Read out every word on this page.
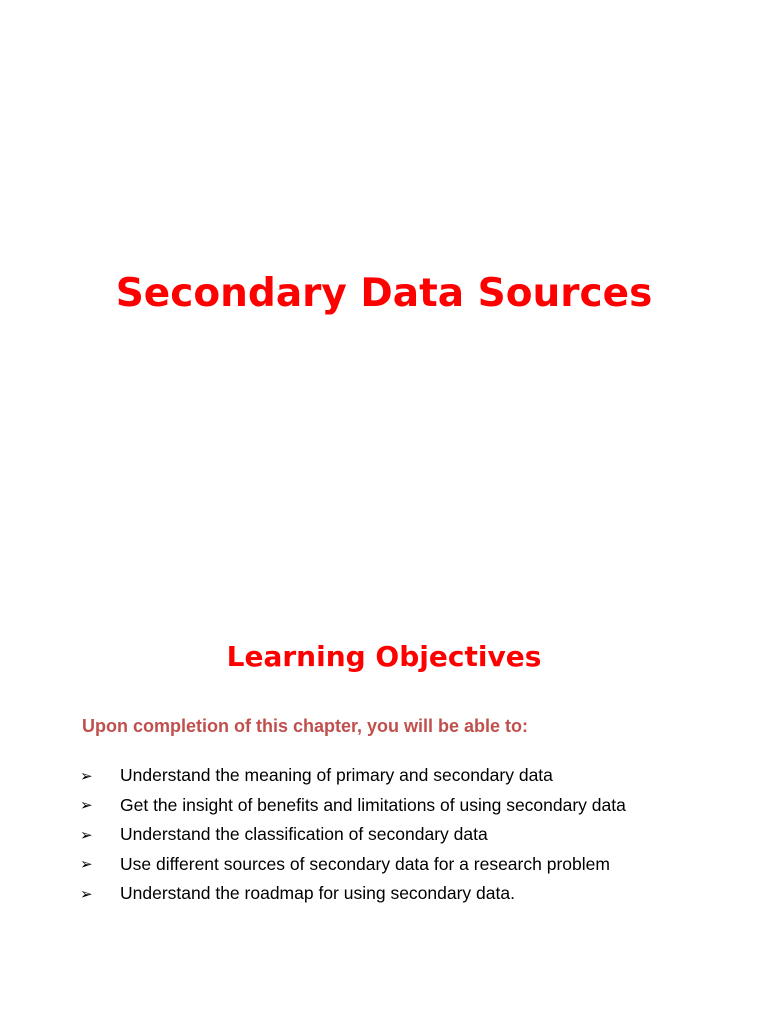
Secondary Data Sources
Learning Objectives

Upon completion of this chapter, you will be able to:

➢	Understand the meaning of primary and secondary data
➢	Get the insight of benefits and limitations of using secondary data
➢	Understand the classification of secondary data
➢	Use different sources of secondary data for a research problem
➢	Understand the roadmap for using secondary data.
